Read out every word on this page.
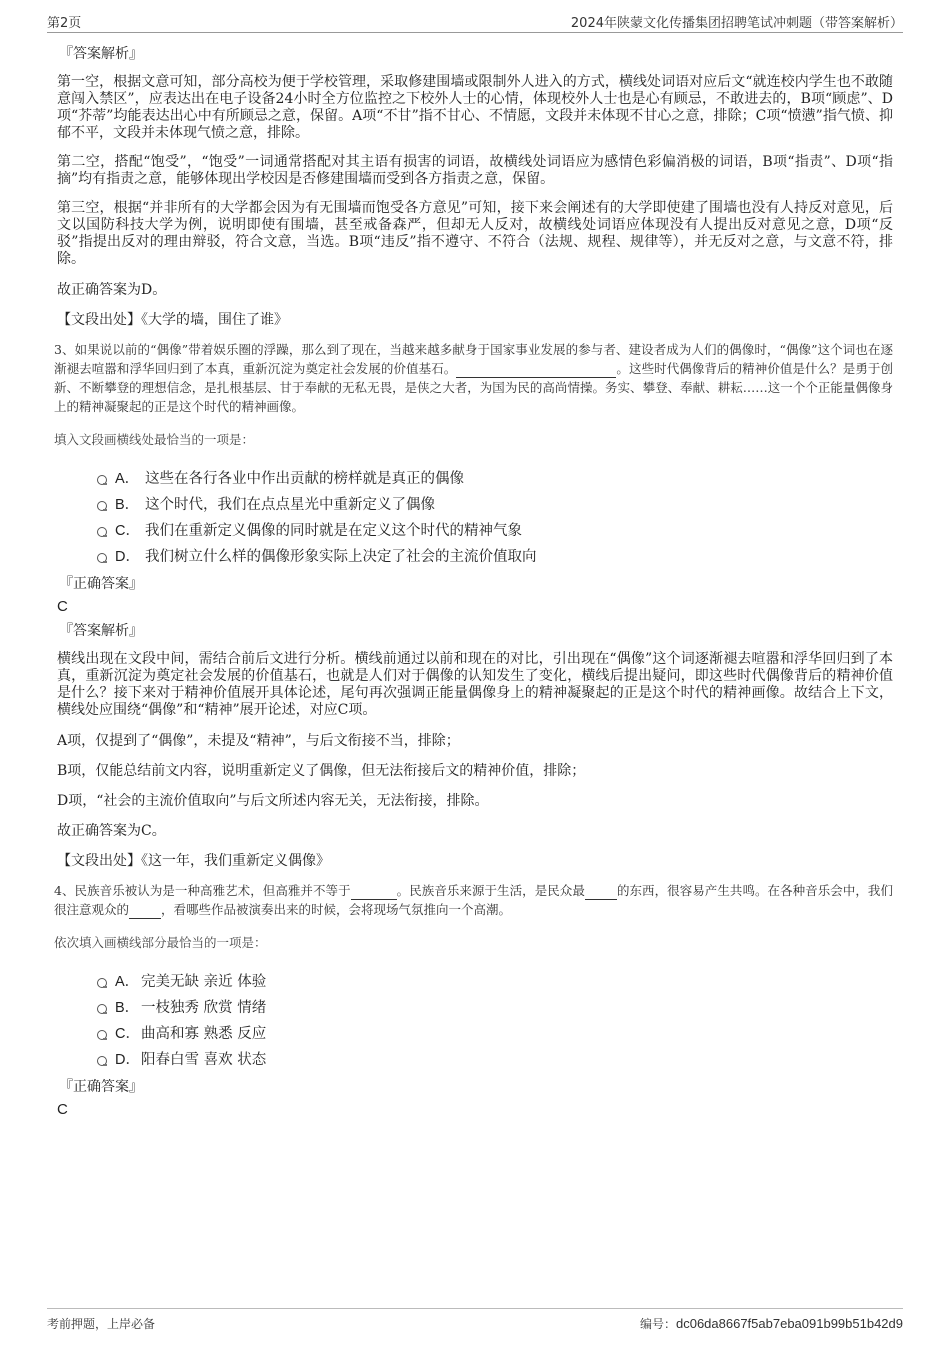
第2页	2024年陕蒙文化传播集团招聘笔试冲刺题（带答案解析）
『答案解析』

第一空，根据文意可知，部分高校为便于学校管理，采取修建围墙或限制外人进入的方式，横线处词语对应后文“就连校内学生也不敢随意闯入禁区”，应表达出在电子设备24小时全方位监控之下校外人士的心情，体现校外人士也是心有顾忌，不敢进去的，B项“顾虑”、D项“芥蒂”均能表达出心中有所顾忌之意，保留。A项“不甘”指不甘心、不情愿，文段并未体现不甘心之意，排除；C项“愤懑”指气愤、抑郁不平，文段并未体现气愤之意，排除。

第二空，搭配“饱受”，“饱受”一词通常搭配对其主语有损害的词语，故横线处词语应为感情色彩偏消极的词语，B项“指责”、D项“指摘”均有指责之意，能够体现出学校因是否修建围墙而受到各方指责之意，保留。

第三空，根据“并非所有的大学都会因为有无围墙而饱受各方意见”可知，接下来会阐述有的大学即使建了围墙也没有人持反对意见，后文以国防科技大学为例，说明即使有围墙，甚至戒备森严，但却无人反对，故横线处词语应体现没有人提出反对意见之意，D项“反驳”指提出反对的理由辩驳，符合文意，当选。B项“违反”指不遵守、不符合（法规、规程、规律等），并无反对之意，与文意不符，排除。

故正确答案为D。

【文段出处】《大学的墙，围住了谁》

3、如果说以前的“偶像”带着娱乐圈的浮躁，那么到了现在，当越来越多献身于国家事业发展的参与者、建设者成为人们的偶像时，“偶像”这个词也在逐渐褪去喧嚣和浮华回归到了本真，重新沉淀为奠定社会发展的价值基石。	。这些时代偶像背后的精神价值是什么？是勇于创新、不断攀登的理想信念，是扎根基层、甘于奉献的无私无畏，是侠之大者，为国为民的高尚情操。务实、攀登、奉献、耕耘……这一个个正能量偶像身上的精神凝聚起的正是这个时代的精神画像。

填入文段画横线处最恰当的一项是：

A． 这些在各行各业中作出贡献的榜样就是真正的偶像
B． 这个时代，我们在点点星光中重新定义了偶像
C． 我们在重新定义偶像的同时就是在定义这个时代的精神气象
D． 我们树立什么样的偶像形象实际上决定了社会的主流价值取向
『正确答案』
C
『答案解析』

横线出现在文段中间，需结合前后文进行分析。横线前通过以前和现在的对比，引出现在“偶像”这个词逐渐褪去喧嚣和浮华回归到了本真，重新沉淀为奠定社会发展的价值基石，也就是人们对于偶像的认知发生了变化，横线后提出疑问，即这些时代偶像背后的精神价值是什么？接下来对于精神价值展开具体论述，尾句再次强调正能量偶像身上的精神凝聚起的正是这个时代的精神画像。故结合上下文，横线处应围绕“偶像”和“精神”展开论述，对应C项。

A项，仅提到了“偶像”，未提及“精神”，与后文衔接不当，排除；

B项，仅能总结前文内容，说明重新定义了偶像，但无法衔接后文的精神价值，排除；

D项，“社会的主流价值取向”与后文所述内容无关，无法衔接，排除。

故正确答案为C。

【文段出处】《这一年，我们重新定义偶像》

4、民族音乐被认为是一种高雅艺术，但高雅并不等于	。民族音乐来源于生活，是民众最	的东西，很容易产生共鸣。在各种音乐会中，我们很注意观众的	，看哪些作品被演奏出来的时候，会将现场气氛推向一个高潮。

依次填入画横线部分最恰当的一项是：

A． 完美无缺 亲近 体验
B． 一枝独秀 欣赏 情绪
C． 曲高和寡 熟悉 反应
D． 阳春白雪 喜欢 状态
『正确答案』
C
考前押题，上岸必备	编号：dc06da8667f5ab7eba091b99b51b42d9
